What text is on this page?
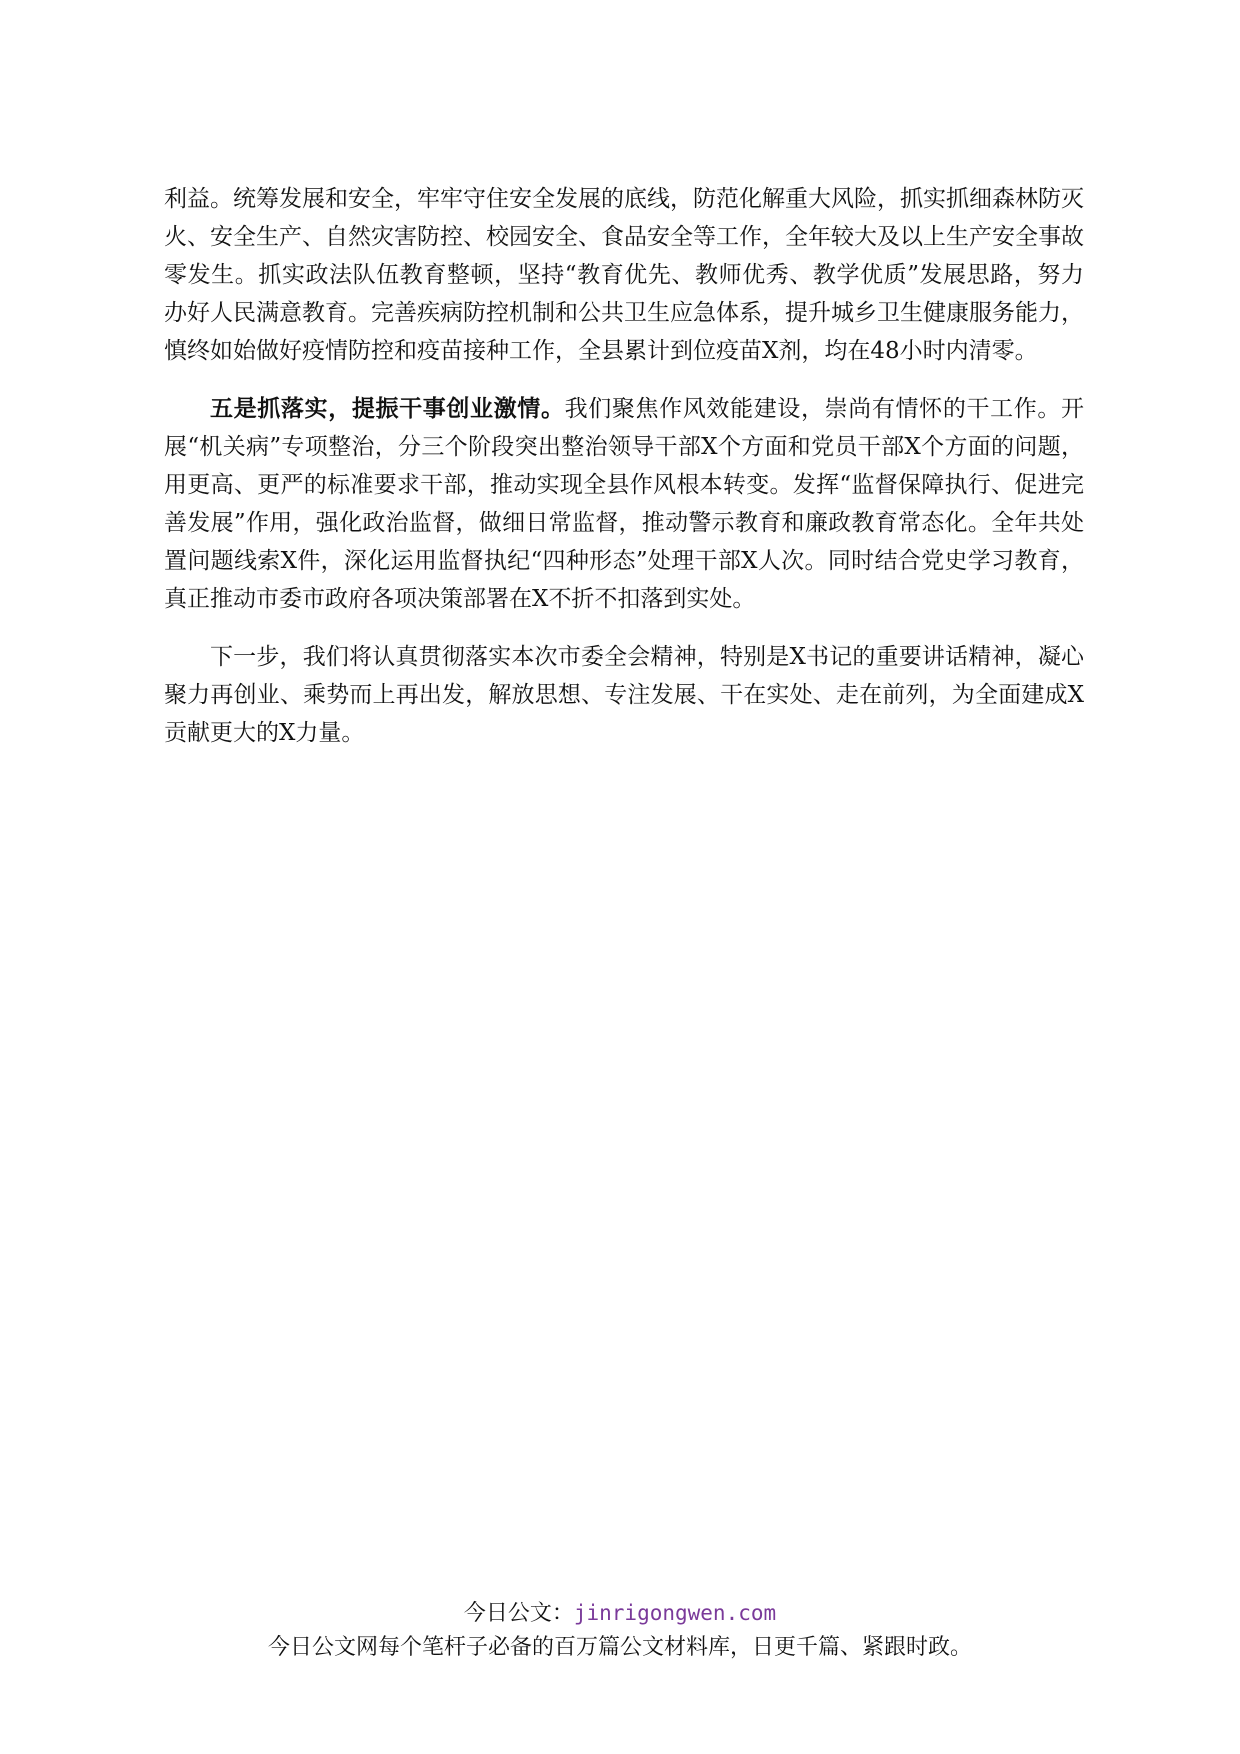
利益。统筹发展和安全，牢牢守住安全发展的底线，防范化解重大风险，抓实抓细森林防灭火、安全生产、自然灾害防控、校园安全、食品安全等工作，全年较大及以上生产安全事故零发生。抓实政法队伍教育整顿，坚持“教育优先、教师优秀、教学优质”发展思路，努力办好人民满意教育。完善疾病防控机制和公共卫生应急体系，提升城乡卫生健康服务能力，慎终如始做好疫情防控和疫苗接种工作，全县累计到位疫苗X剂，均在48小时内清零。

五是抓落实，提振干事创业激情。我们聚焦作风效能建设，崇尚有情怀的干工作。开展“机关病”专项整治，分三个阶段突出整治领导干部X个方面和党员干部X个方面的问题，用更高、更严的标准要求干部，推动实现全县作风根本转变。发挥“监督保障执行、促进完善发展”作用，强化政治监督，做细日常监督，推动警示教育和廉政教育常态化。全年共处置问题线索X件，深化运用监督执纪“四种形态”处理干部X人次。同时结合党史学习教育，真正推动市委市政府各项决策部署在X不折不扣落到实处。

下一步，我们将认真贯彻落实本次市委全会精神，特别是X书记的重要讲话精神，凝心聚力再创业、乘势而上再出发，解放思想、专注发展、干在实处、走在前列，为全面建成X贡献更大的X力量。

今日公文：jinrigongwen.com
今日公文网每个笔杆子必备的百万篇公文材料库，日更千篇、紧跟时政。
